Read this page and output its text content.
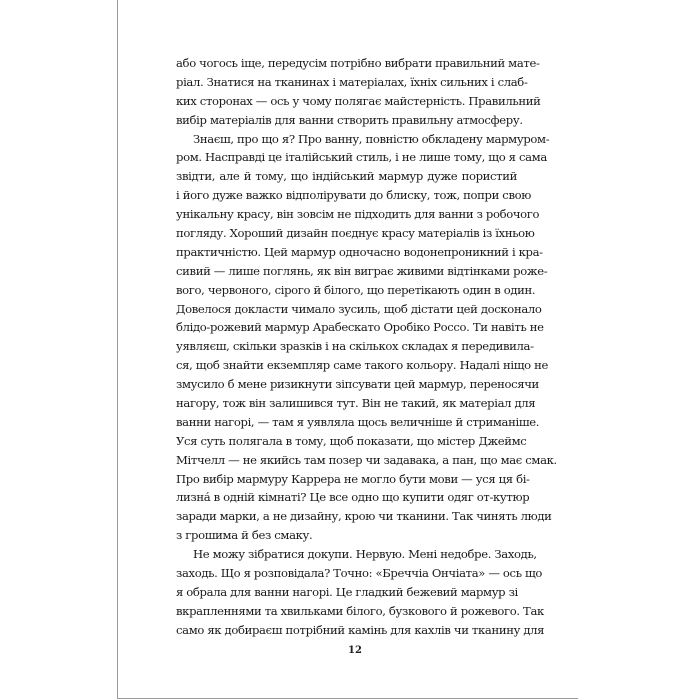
або чогось іще, передусім потрібно вибрати правильний мате-
ріал. Знатися на тканинах і матеріалах, їхніх сильних і слаб-
ких сторонах — ось у чому полягає майстерність. Правильний
вибір матеріалів для ванни створить правильну атмосферу.
Знаєш, про що я? Про ванну, повністю обкладену мармуром-
ром. Насправді це італійський стиль, і не лише тому, що я сама
звідти, але й тому, що індійський мармур дуже пористий
і його дуже важко відполірувати до блиску, тож, попри свою
унікальну красу, він зовсім не підходить для ванни з робочого
погляду. Хороший дизайн поєднує красу матеріалів із їхньою
практичністю. Цей мармур одночасно водонепроникний і кра-
сивий — лише поглянь, як він виграє живими відтінками роже-
вого, червоного, сірого й білого, що перетікають один в один.
Довелося докласти чимало зусиль, щоб дістати цей досконало
блідо-рожевий мармур Арабескато Оробіко Россо. Ти навіть не
уявляєш, скільки зразків і на скількох складах я передивила-
ся, щоб знайти екземпляр саме такого кольору. Надалі ніщо не
змусило б мене ризикнути зіпсувати цей мармур, переносячи
нагору, тож він залишився тут. Він не такий, як матеріал для
ванни нагорі, — там я уявляла щось величніше й стриманіше.
Уся суть полягала в тому, щоб показати, що містер Джеймс
Мітчелл — не якийсь там позер чи задавака, а пан, що має смак.
Про вибір мармуру Каррера не могло бути мови — уся ця бі-
лизна́ в одній кімнаті? Це все одно що купити одяг от-кутюр
заради марки, а не дизайну, крою чи тканини. Так чинять люди
з грошима й без смаку.
Не можу зібратися докупи. Нервую. Мені недобре. Заходь,
заходь. Що я розповідала? Точно: «Бреччіа Ончіата» — ось що
я обрала для ванни нагорі. Це гладкий бежевий мармур зі
вкрапленнями та хвильками білого, бузкового й рожевого. Так
само як добираєш потрібний камінь для кахлів чи тканину для
12
